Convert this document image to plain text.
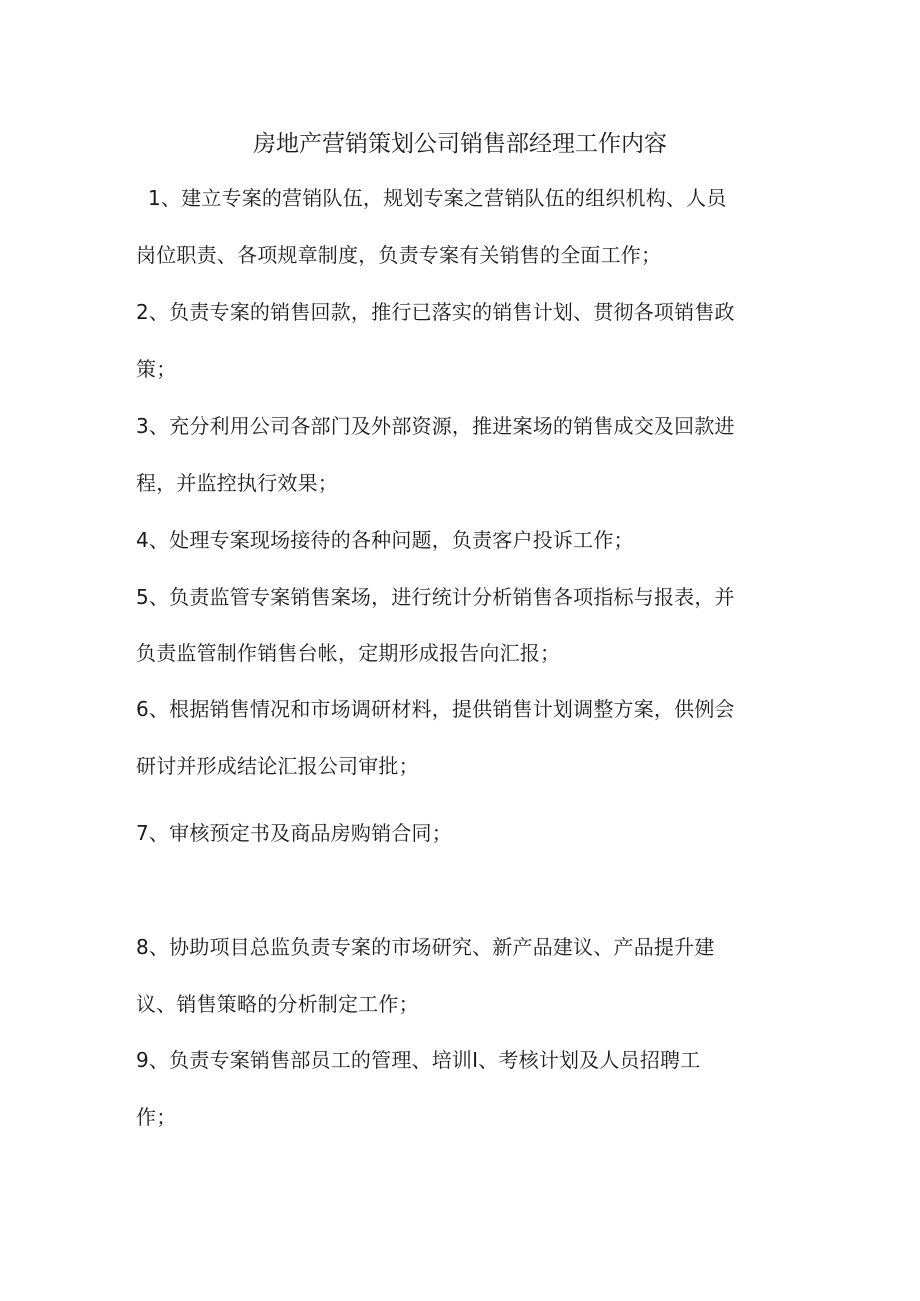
房地产营销策划公司销售部经理工作内容
1、建立专案的营销队伍，规划专案之营销队伍的组织机构、人员
岗位职责、各项规章制度，负责专案有关销售的全面工作；
2、负责专案的销售回款，推行已落实的销售计划、贯彻各项销售政
策；
3、充分利用公司各部门及外部资源，推进案场的销售成交及回款进
程，并监控执行效果；
4、处理专案现场接待的各种问题，负责客户投诉工作；
5、负责监管专案销售案场，进行统计分析销售各项指标与报表，并
负责监管制作销售台帐，定期形成报告向汇报；
6、根据销售情况和市场调研材料，提供销售计划调整方案，供例会
研讨并形成结论汇报公司审批；
7、审核预定书及商品房购销合同；
8、协助项目总监负责专案的市场研究、新产品建议、产品提升建
议、销售策略的分析制定工作；
9、负责专案销售部员工的管理、培训I、考核计划及人员招聘工
作；
